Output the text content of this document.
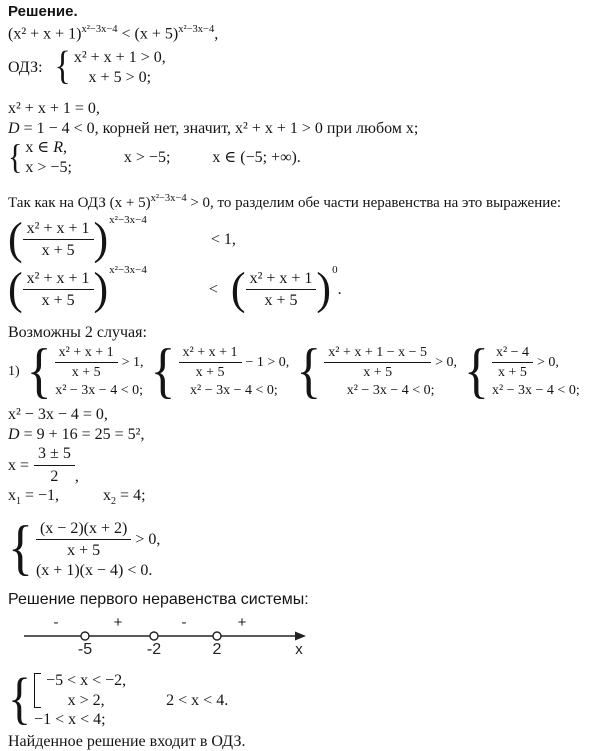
Решение.
$(x^2 + x + 1)^{x^2-3x-4} < (x + 5)^{x^2-3x-4}$,
ОДЗ: { x² + x + 1 > 0,
x + 5 > 0;
x² + x + 1 = 0,
D = 1 − 4 < 0, корней нет, значит, x² + x + 1 > 0 при любом x;
{ x ∈ R,
x > −5;
x > −5;	x ∈ (−5; +∞).
Так как на ОДЗ $(x + 5)^{x^2-3x-4} > 0$, то разделим обе части неравенства на это выражение:
( $\frac{\text{x² + x + 1}}{x + 5} )^{x^2-3x-4}$
< 1,
( $\frac{\text{x² + x + 1}}{x + 5} )^{x^2-3x-4}$
< ( $\frac{\text{x² + x + 1}}{x + 5} )^0$
.
Возможны 2 случая:
1) { $\frac{\text{x² + x + 1}}{x + 5} > 1$,
x² − 3x − 4 < 0; { $\frac{\text{x² + x + 1}}{x + 5} - 1 > 0$,
x² − 3x − 4 < 0; { $\frac{\text{x² + x + 1 − x − 5}}{x + 5} > 0$,
x² − 3x − 4 < 0; { $\frac{\text{x² − 4}}{x + 5} > 0$,
x² − 3x − 4 < 0;
x² − 3x − 4 = 0,
D = 9 + 16 = 25 = 5²,
$x = \frac{3 \pm 5}{2}$ ,
$x_1 = -1$,	$x_2 = 4$;
{ $\frac{(x - 2)(x + 2)}{x + 5} > 0$,
(x + 1)(x − 4) < 0.
Решение первого неравенства системы:
-	+	-	+
-5	-2	2	x
{ −5 < x < −2,
x > 2,
−1 < x < 4;
2 < x < 4.
Найденное решение входит в ОДЗ.
